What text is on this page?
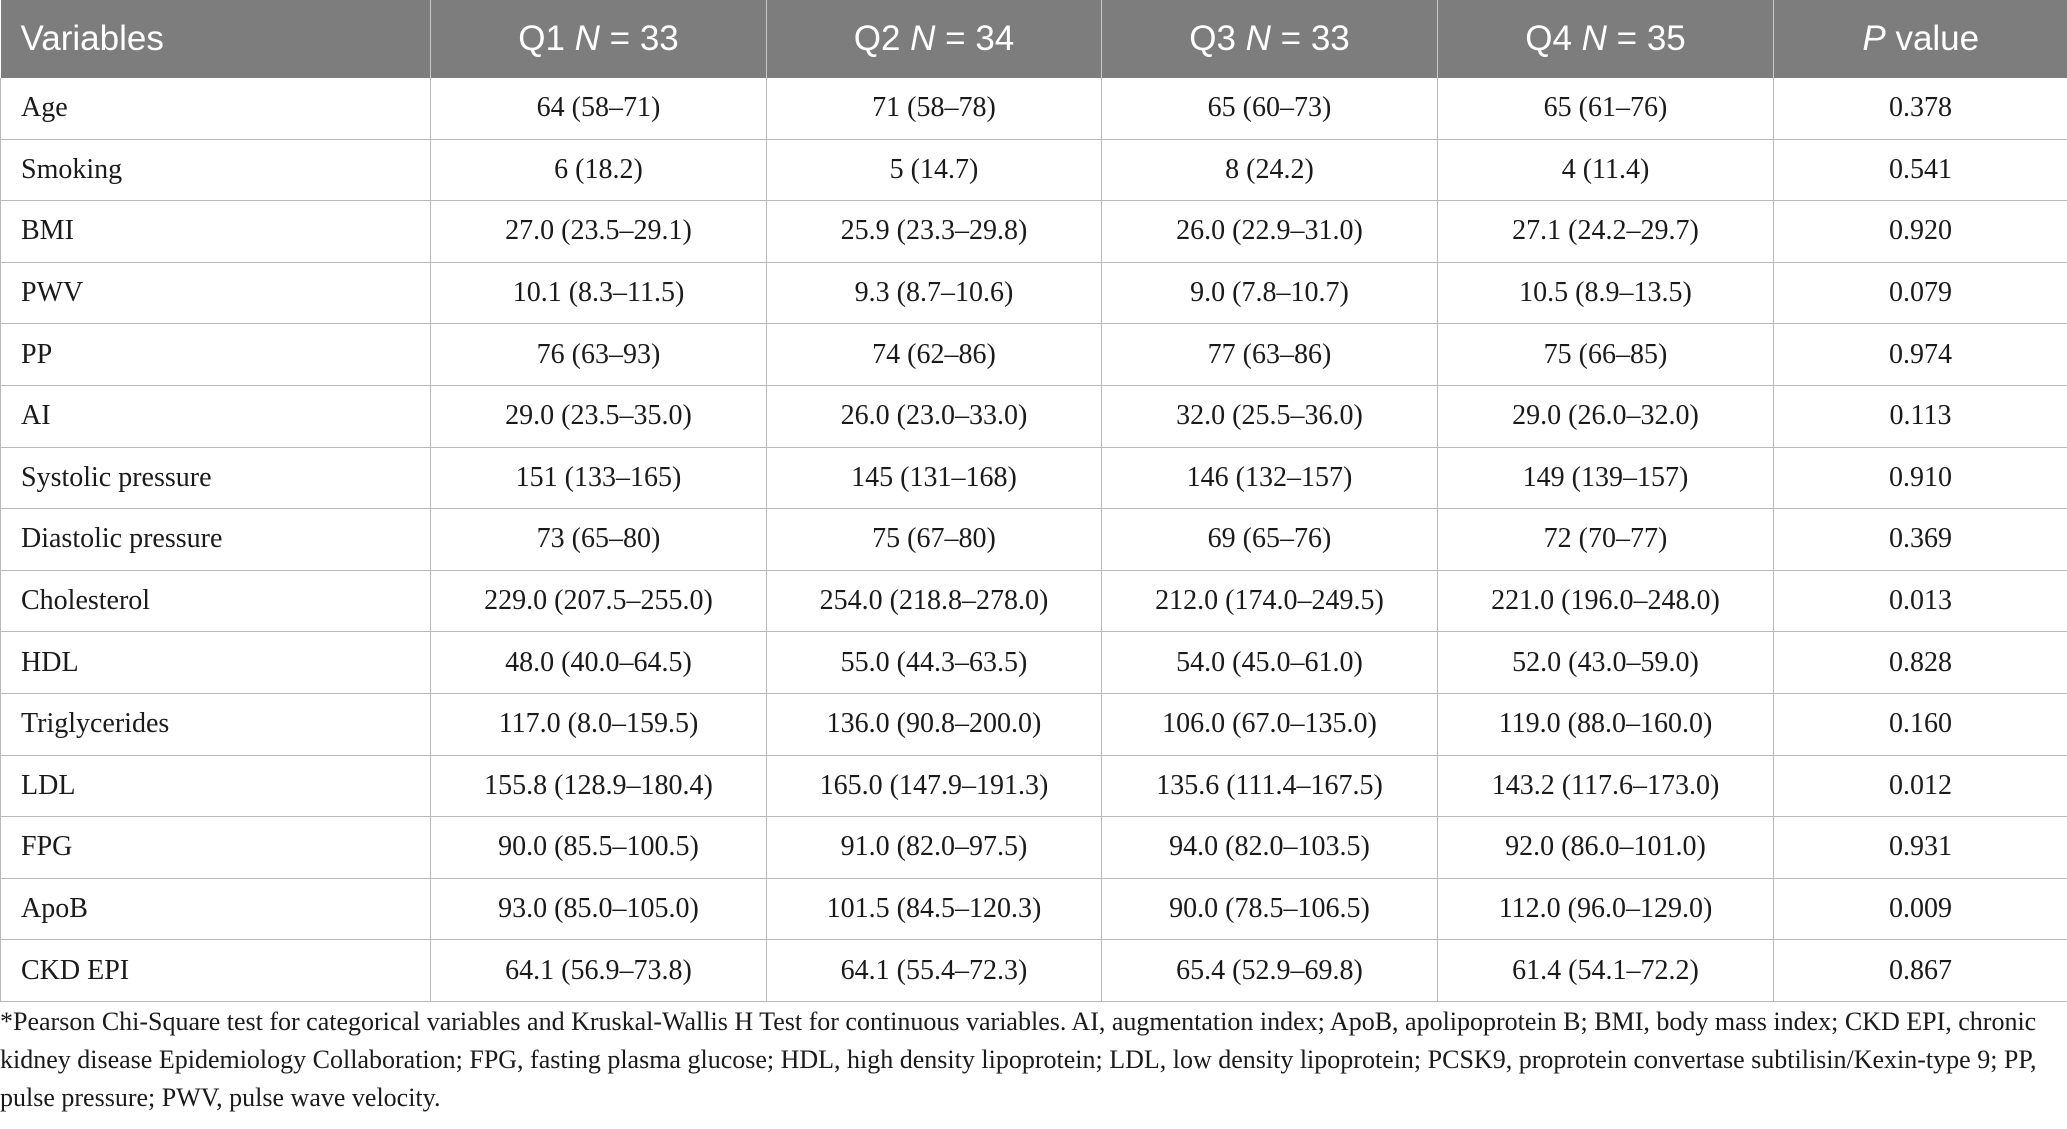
Variables	Q1 N = 33	Q2 N = 34	Q3 N = 33	Q4 N = 35	P value
Age	64 (58–71)	71 (58–78)	65 (60–73)	65 (61–76)	0.378
Smoking	6 (18.2)	5 (14.7)	8 (24.2)	4 (11.4)	0.541
BMI	27.0 (23.5–29.1)	25.9 (23.3–29.8)	26.0 (22.9–31.0)	27.1 (24.2–29.7)	0.920
PWV	10.1 (8.3–11.5)	9.3 (8.7–10.6)	9.0 (7.8–10.7)	10.5 (8.9–13.5)	0.079
PP	76 (63–93)	74 (62–86)	77 (63–86)	75 (66–85)	0.974
AI	29.0 (23.5–35.0)	26.0 (23.0–33.0)	32.0 (25.5–36.0)	29.0 (26.0–32.0)	0.113
Systolic pressure	151 (133–165)	145 (131–168)	146 (132–157)	149 (139–157)	0.910
Diastolic pressure	73 (65–80)	75 (67–80)	69 (65–76)	72 (70–77)	0.369
Cholesterol	229.0 (207.5–255.0)	254.0 (218.8–278.0)	212.0 (174.0–249.5)	221.0 (196.0–248.0)	0.013
HDL	48.0 (40.0–64.5)	55.0 (44.3–63.5)	54.0 (45.0–61.0)	52.0 (43.0–59.0)	0.828
Triglycerides	117.0 (8.0–159.5)	136.0 (90.8–200.0)	106.0 (67.0–135.0)	119.0 (88.0–160.0)	0.160
LDL	155.8 (128.9–180.4)	165.0 (147.9–191.3)	135.6 (111.4–167.5)	143.2 (117.6–173.0)	0.012
FPG	90.0 (85.5–100.5)	91.0 (82.0–97.5)	94.0 (82.0–103.5)	92.0 (86.0–101.0)	0.931
ApoB	93.0 (85.0–105.0)	101.5 (84.5–120.3)	90.0 (78.5–106.5)	112.0 (96.0–129.0)	0.009
CKD EPI	64.1 (56.9–73.8)	64.1 (55.4–72.3)	65.4 (52.9–69.8)	61.4 (54.1–72.2)	0.867

*Pearson Chi-Square test for categorical variables and Kruskal-Wallis H Test for continuous variables. AI, augmentation index; ApoB, apolipoprotein B; BMI, body mass index; CKD EPI, chronic kidney disease Epidemiology Collaboration; FPG, fasting plasma glucose; HDL, high density lipoprotein; LDL, low density lipoprotein; PCSK9, proprotein convertase subtilisin/Kexin-type 9; PP, pulse pressure; PWV, pulse wave velocity.
